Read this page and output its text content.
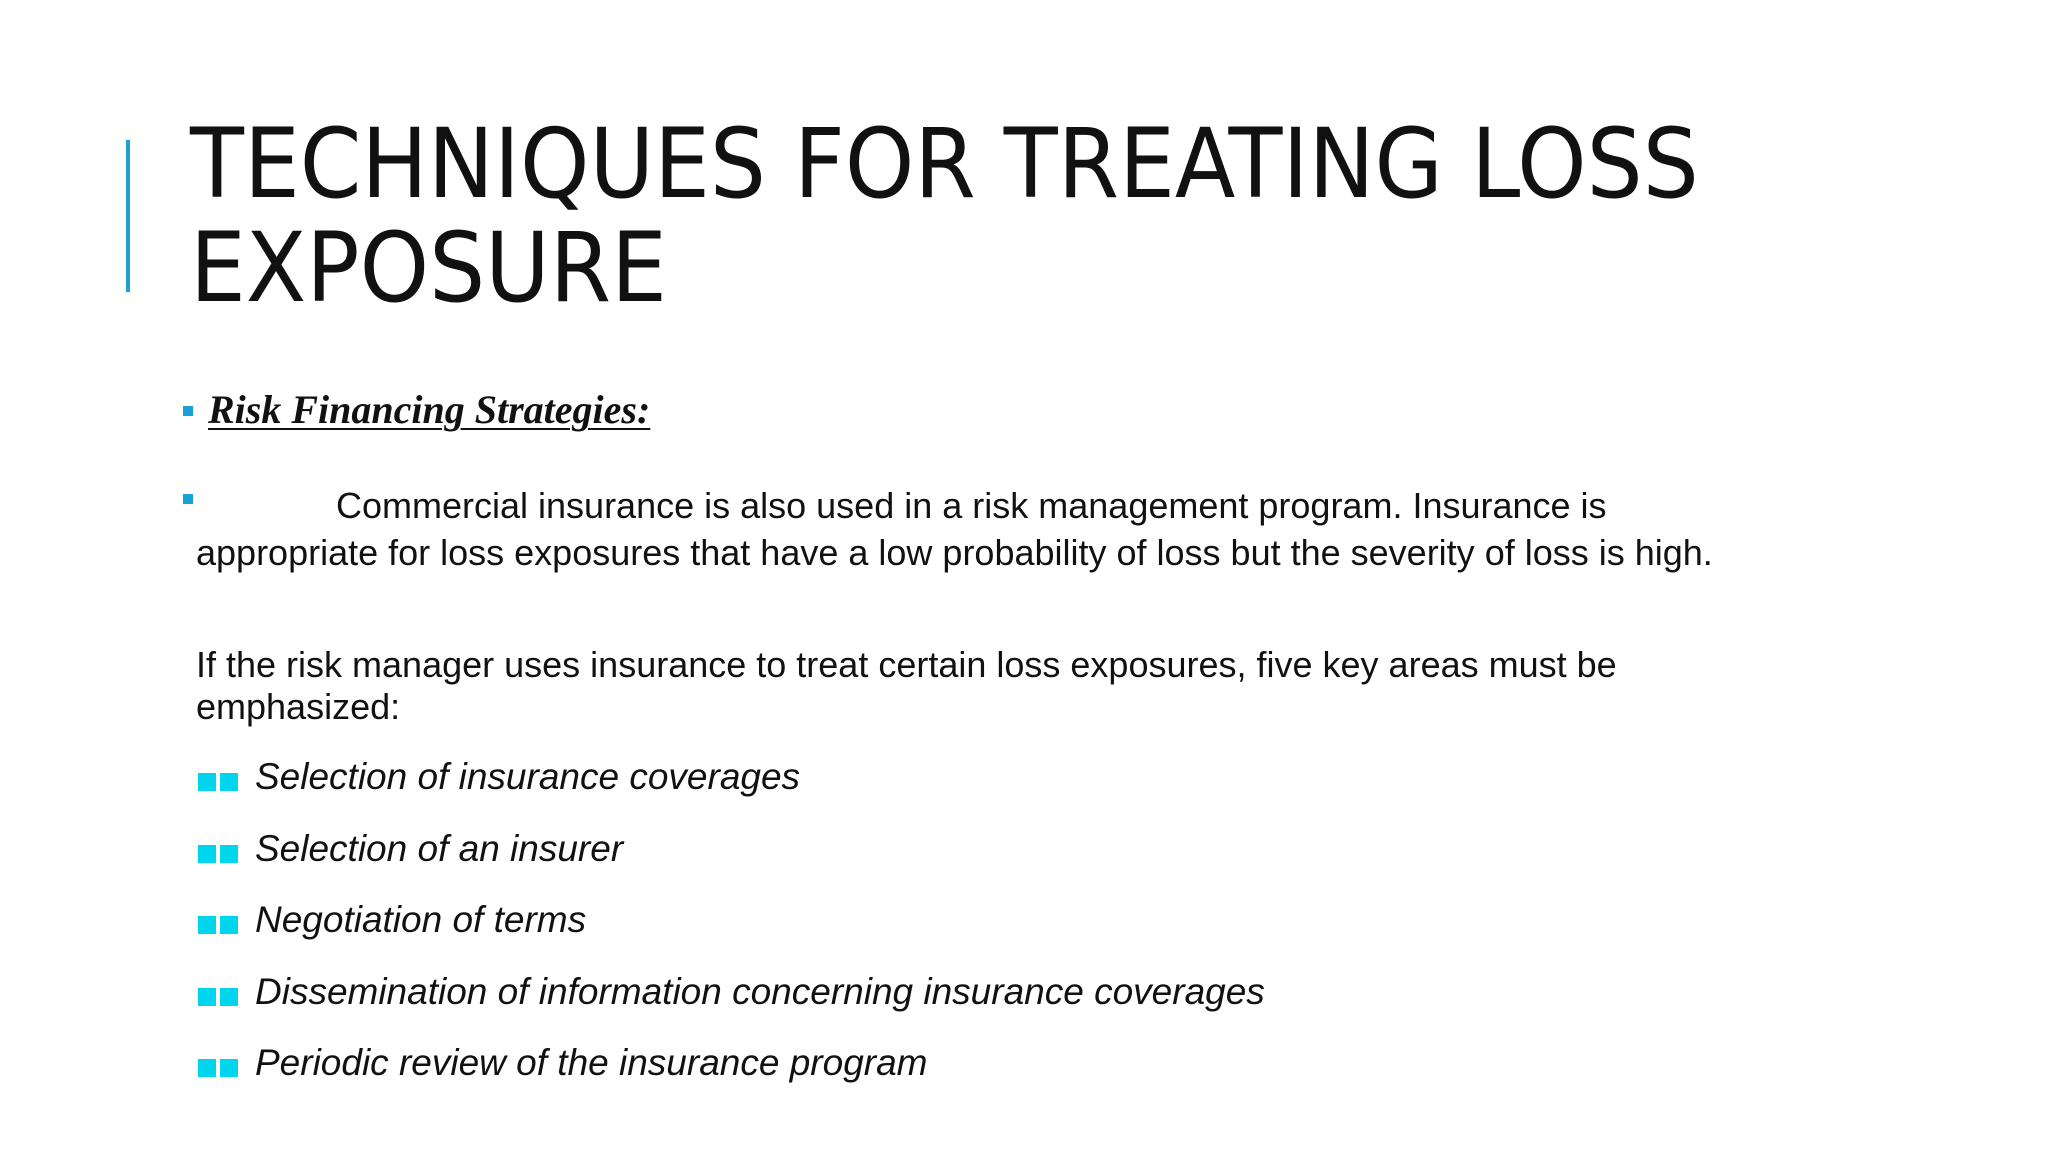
TECHNIQUES FOR TREATING LOSS
EXPOSURE
Risk Financing Strategies:

Commercial insurance is also used in a risk management program. Insurance is appropriate for loss exposures that have a low probability of loss but the severity of loss is high.

If the risk manager uses insurance to treat certain loss exposures, five key areas must be emphasized:

Selection of insurance coverages
Selection of an insurer
Negotiation of terms
Dissemination of information concerning insurance coverages
Periodic review of the insurance program
